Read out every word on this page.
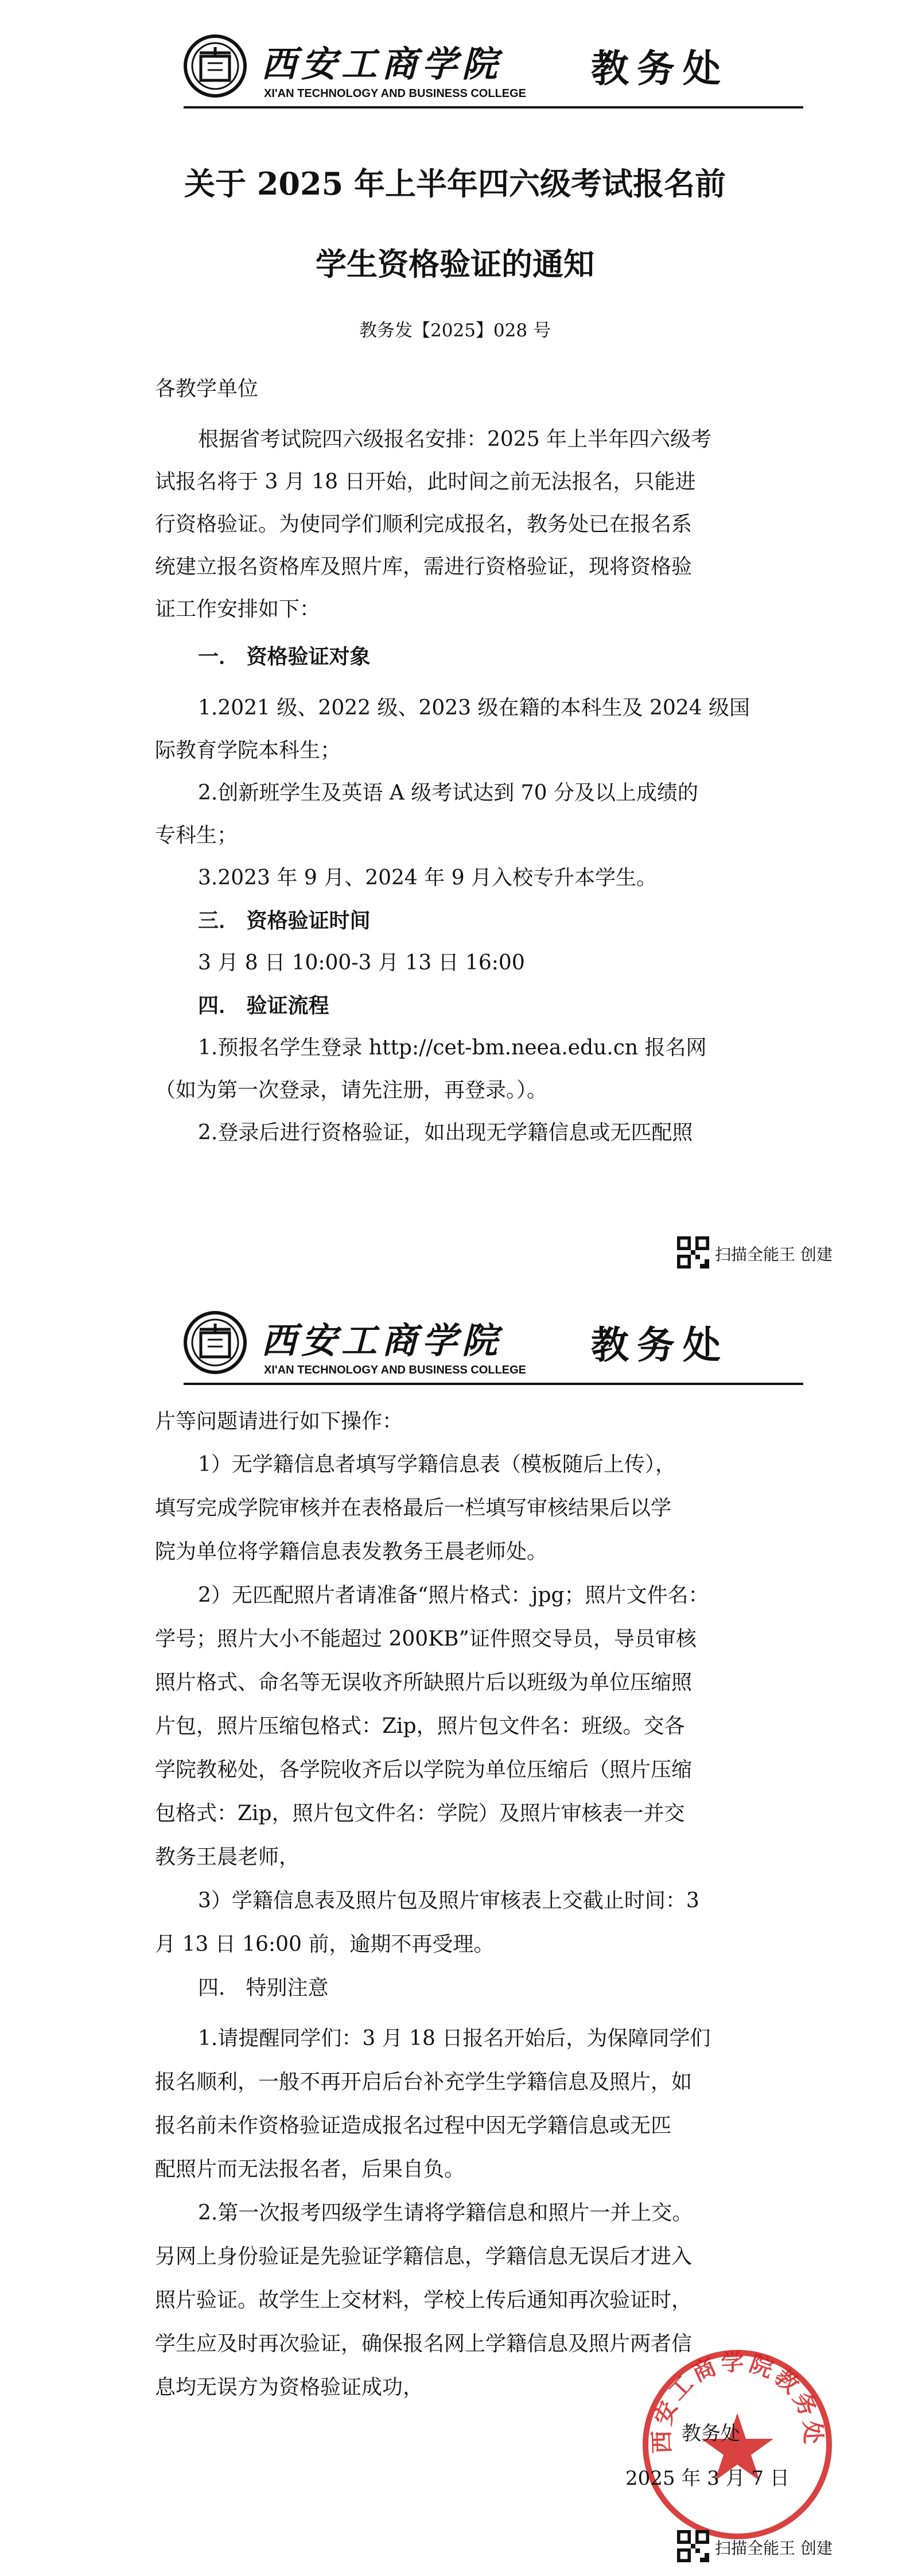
西安工商学院
XI'AN TECHNOLOGY AND BUSINESS COLLEGE
教务处
关于 2025 年上半年四六级考试报名前
学生资格验证的通知
教务发【2025】028 号
各教学单位
根据省考试院四六级报名安排：2025 年上半年四六级考
试报名将于 3 月 18 日开始，此时间之前无法报名，只能进
行资格验证。为使同学们顺利完成报名，教务处已在报名系
统建立报名资格库及照片库，需进行资格验证，现将资格验
证工作安排如下：
一． 资格验证对象
1.2021 级、2022 级、2023 级在籍的本科生及 2024 级国
际教育学院本科生；
2.创新班学生及英语 A 级考试达到 70 分及以上成绩的
专科生；
3.2023 年 9 月、2024 年 9 月入校专升本学生。
三． 资格验证时间
3 月 8 日 10:00-3 月 13 日 16:00
四． 验证流程
1.预报名学生登录 http://cet-bm.neea.edu.cn 报名网
（如为第一次登录，请先注册，再登录。）。
2.登录后进行资格验证，如出现无学籍信息或无匹配照
扫描全能王 创建
西安工商学院
XI'AN TECHNOLOGY AND BUSINESS COLLEGE
教务处
片等问题请进行如下操作：
1）无学籍信息者填写学籍信息表（模板随后上传），
填写完成学院审核并在表格最后一栏填写审核结果后以学
院为单位将学籍信息表发教务王晨老师处。
2）无匹配照片者请准备“照片格式：jpg；照片文件名：
学号；照片大小不能超过 200KB”证件照交导员，导员审核
照片格式、命名等无误收齐所缺照片后以班级为单位压缩照
片包，照片压缩包格式：Zip，照片包文件名：班级。交各
学院教秘处，各学院收齐后以学院为单位压缩后（照片压缩
包格式：Zip，照片包文件名：学院）及照片审核表一并交
教务王晨老师，
3）学籍信息表及照片包及照片审核表上交截止时间：3
月 13 日 16:00 前，逾期不再受理。
四． 特别注意
1.请提醒同学们：3 月 18 日报名开始后，为保障同学们
报名顺利，一般不再开启后台补充学生学籍信息及照片，如
报名前未作资格验证造成报名过程中因无学籍信息或无匹
配照片而无法报名者，后果自负。
2.第一次报考四级学生请将学籍信息和照片一并上交。
另网上身份验证是先验证学籍信息，学籍信息无误后才进入
照片验证。故学生上交材料，学校上传后通知再次验证时，
学生应及时再次验证，确保报名网上学籍信息及照片两者信
息均无误方为资格验证成功，
西安工商学院教务处
教务处
2025 年 3 月 7 日
扫描全能王 创建
